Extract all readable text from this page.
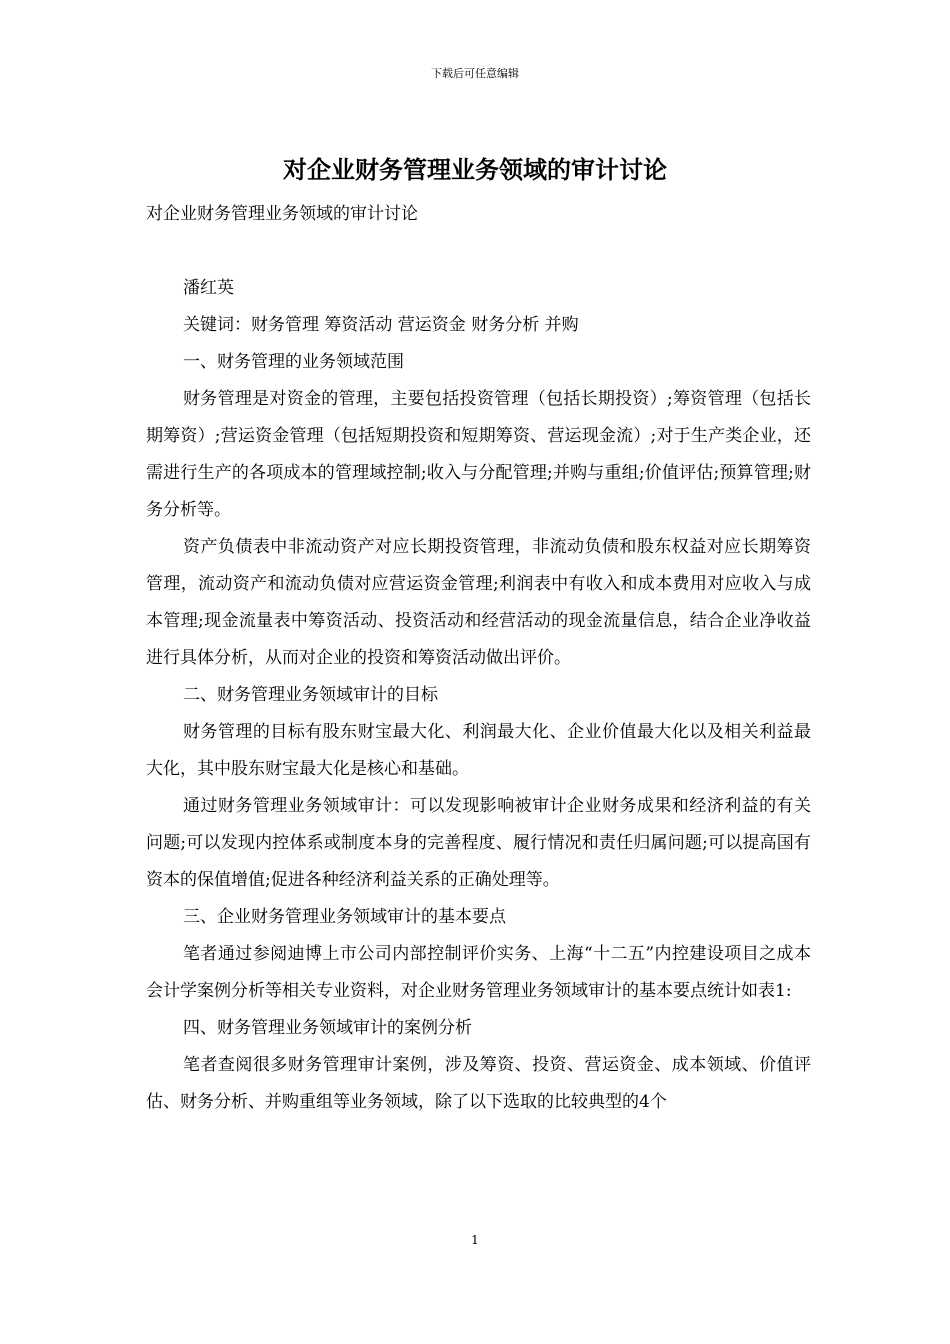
下载后可任意编辑
对企业财务管理业务领域的审计讨论

对企业财务管理业务领域的审计讨论

潘红英

关键词：财务管理 筹资活动 营运资金 财务分析 并购

一、财务管理的业务领域范围

财务管理是对资金的管理，主要包括投资管理（包括长期投资）;筹资管理（包括长期筹资）;营运资金管理（包括短期投资和短期筹资、营运现金流）;对于生产类企业，还需进行生产的各项成本的管理域控制;收入与分配管理;并购与重组;价值评估;预算管理;财务分析等。

资产负债表中非流动资产对应长期投资管理，非流动负债和股东权益对应长期筹资管理，流动资产和流动负债对应营运资金管理;利润表中有收入和成本费用对应收入与成本管理;现金流量表中筹资活动、投资活动和经营活动的现金流量信息，结合企业净收益进行具体分析，从而对企业的投资和筹资活动做出评价。

二、财务管理业务领域审计的目标

财务管理的目标有股东财宝最大化、利润最大化、企业价值最大化以及相关利益最大化，其中股东财宝最大化是核心和基础。

通过财务管理业务领域审计：可以发现影响被审计企业财务成果和经济利益的有关问题;可以发现内控体系或制度本身的完善程度、履行情况和责任归属问题;可以提高国有资本的保值增值;促进各种经济利益关系的正确处理等。

三、企业财务管理业务领域审计的基本要点

笔者通过参阅迪博上市公司内部控制评价实务、上海“十二五”内控建设项目之成本会计学案例分析等相关专业资料，对企业财务管理业务领域审计的基本要点统计如表1:

四、财务管理业务领域审计的案例分析

笔者查阅很多财务管理审计案例，涉及筹资、投资、营运资金、成本领域、价值评估、财务分析、并购重组等业务领域，除了以下选取的比较典型的4个

1
